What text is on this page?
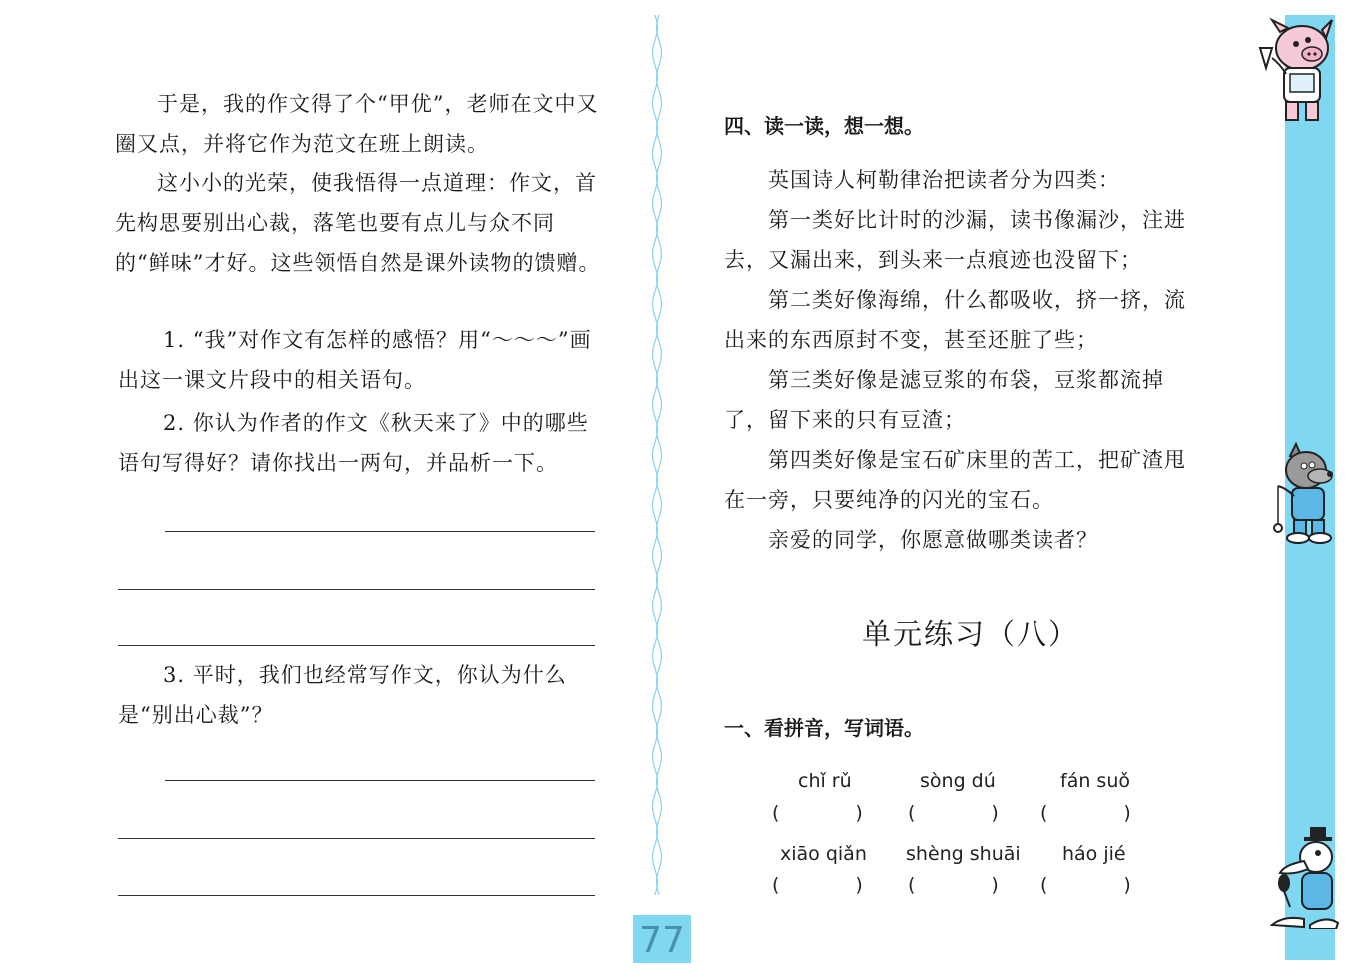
于是，我的作文得了个“甲优”，老师在文中又圈又点，并将它作为范文在班上朗读。

这小小的光荣，使我悟得一点道理：作文，首先构思要别出心裁，落笔也要有点儿与众不同的“鲜味”才好。这些领悟自然是课外读物的馈赠。

1. “我”对作文有怎样的感悟？用“～～～”画出这一课文片段中的相关语句。

2. 你认为作者的作文《秋天来了》中的哪些语句写得好？请你找出一两句，并品析一下。

3. 平时，我们也经常写作文，你认为什么是“别出心裁”？

四、读一读，想一想。

英国诗人柯勒律治把读者分为四类：

第一类好比计时的沙漏，读书像漏沙，注进去，又漏出来，到头来一点痕迹也没留下；

第二类好像海绵，什么都吸收，挤一挤，流出来的东西原封不变，甚至还脏了些；

第三类好像是滤豆浆的布袋，豆浆都流掉了，留下来的只有豆渣；

第四类好像是宝石矿床里的苦工，把矿渣甩在一旁，只要纯净的闪光的宝石。

亲爱的同学，你愿意做哪类读者？

单元练习（八）
一、看拼音，写词语。
chǐ rǔ	sòng dú	fán suǒ
(　　　　) (　　　　) (　　　　)
xiāo qiǎn shèng shuāi háo jié
(　　　　) (　　　　) (　　　　)
77
